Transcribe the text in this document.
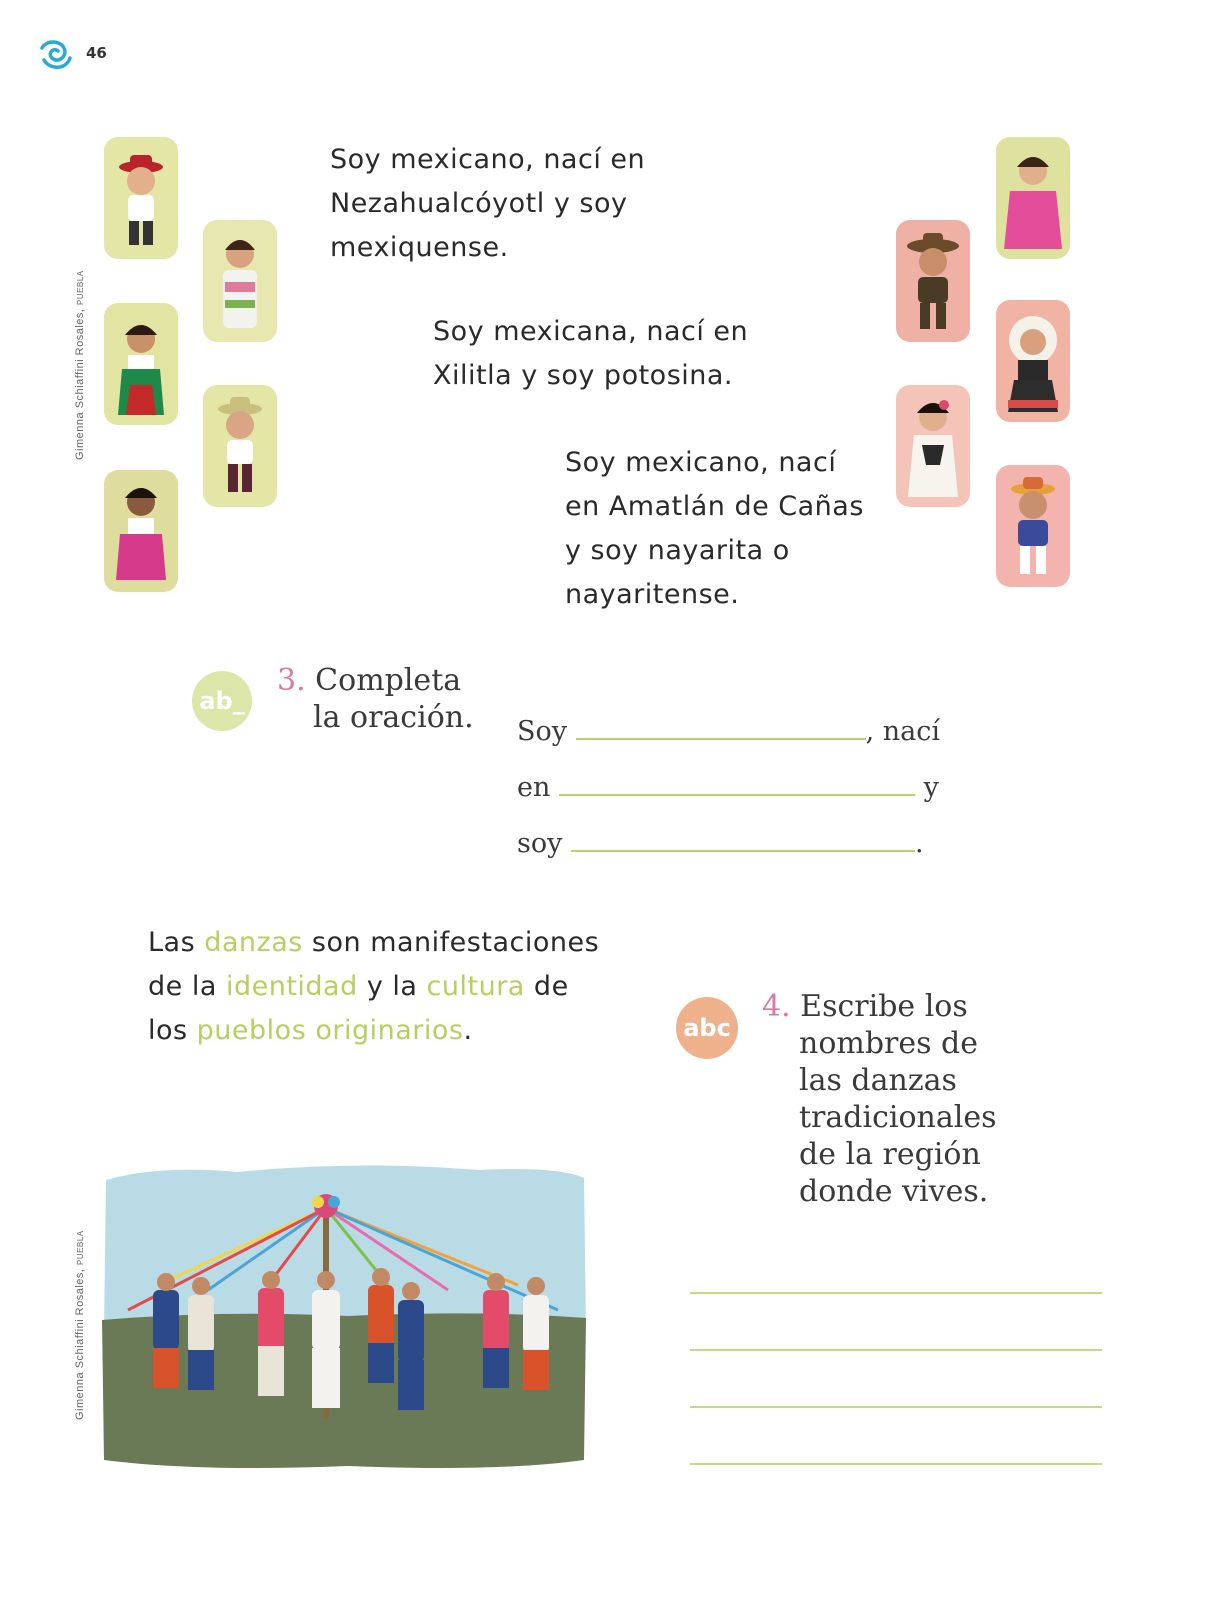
46
Gimenna Schiaffini Rosales, PUEBLA
Gimenna Schiaffini Rosales, PUEBLA
Soy mexicano, nací en
Nezahualcóyotl y soy
mexiquense.
Soy mexicana, nací en
Xilitla y soy potosina.
Soy mexicano, nací
en Amatlán de Cañas
y soy nayarita o
nayaritense.
ab_
3. Completa
la oración. Soy	, nací
en	y
soy	.
Las danzas son manifestaciones
de la identidad y la cultura de
los pueblos originarios.	abc
4. Escribe los
nombres de
las danzas
tradicionales
de la región
donde vives.
